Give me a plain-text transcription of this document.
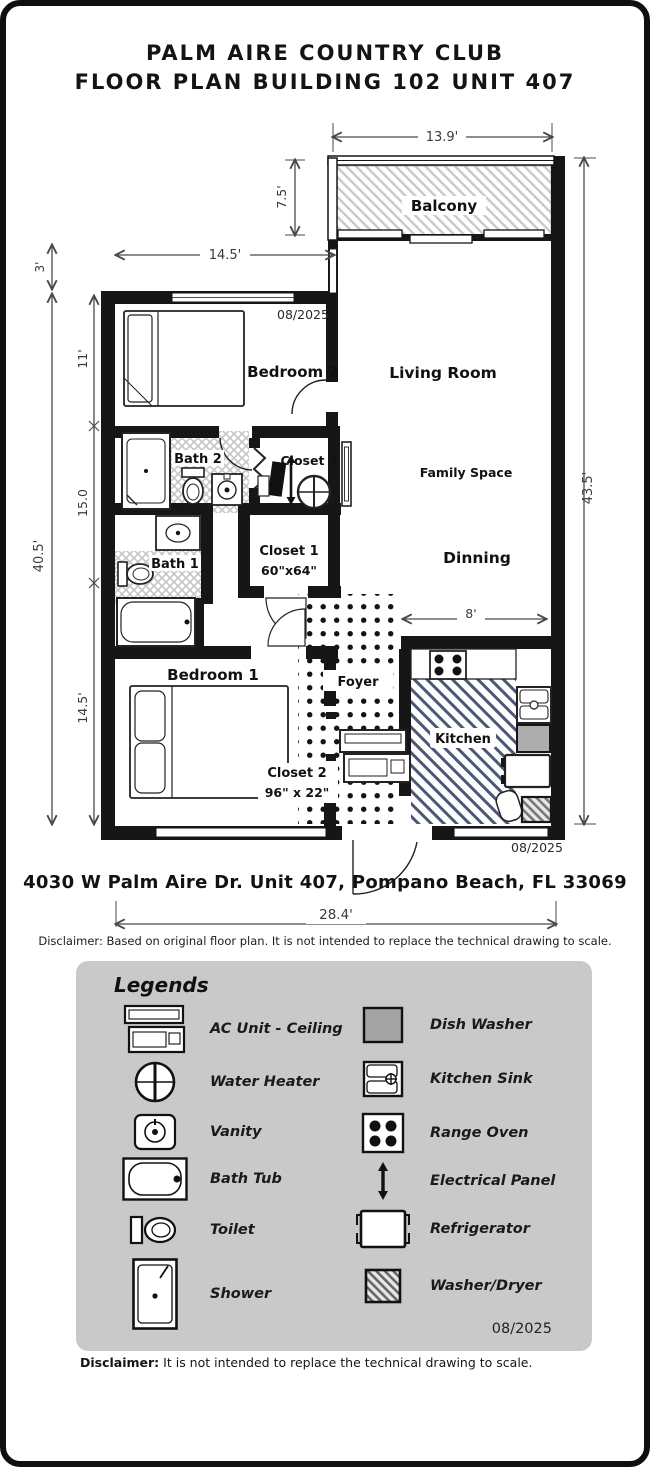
PALM AIRE COUNTRY CLUB
FLOOR PLAN BUILDING 102 UNIT 407
Balcony
Living Room
Family Space
Dinning
Bedroom 2
Bath 2	Closet 3
Closet 1
60"x64"
Bath 1
Bedroom 1
Closet 2
96" x 22"
Foyer
Kitchen
08/2025
08/2025
13.9'
7.5'
14.5'
3'
40.5'
11'
15.0
14.5'
43.5'
8'
4030 W Palm Aire Dr. Unit 407, Pompano Beach, FL 33069
28.4'
Disclaimer: Based on original floor plan. It is not intended to replace the technical drawing to scale.
Legends
AC Unit - Ceiling
Water Heater
Vanity
Bath Tub
Toilet
Shower
Dish Washer
Kitchen Sink
Range Oven
Electrical Panel
Refrigerator
Washer/Dryer
08/2025
Disclaimer: It is not intended to replace the technical drawing to scale.
